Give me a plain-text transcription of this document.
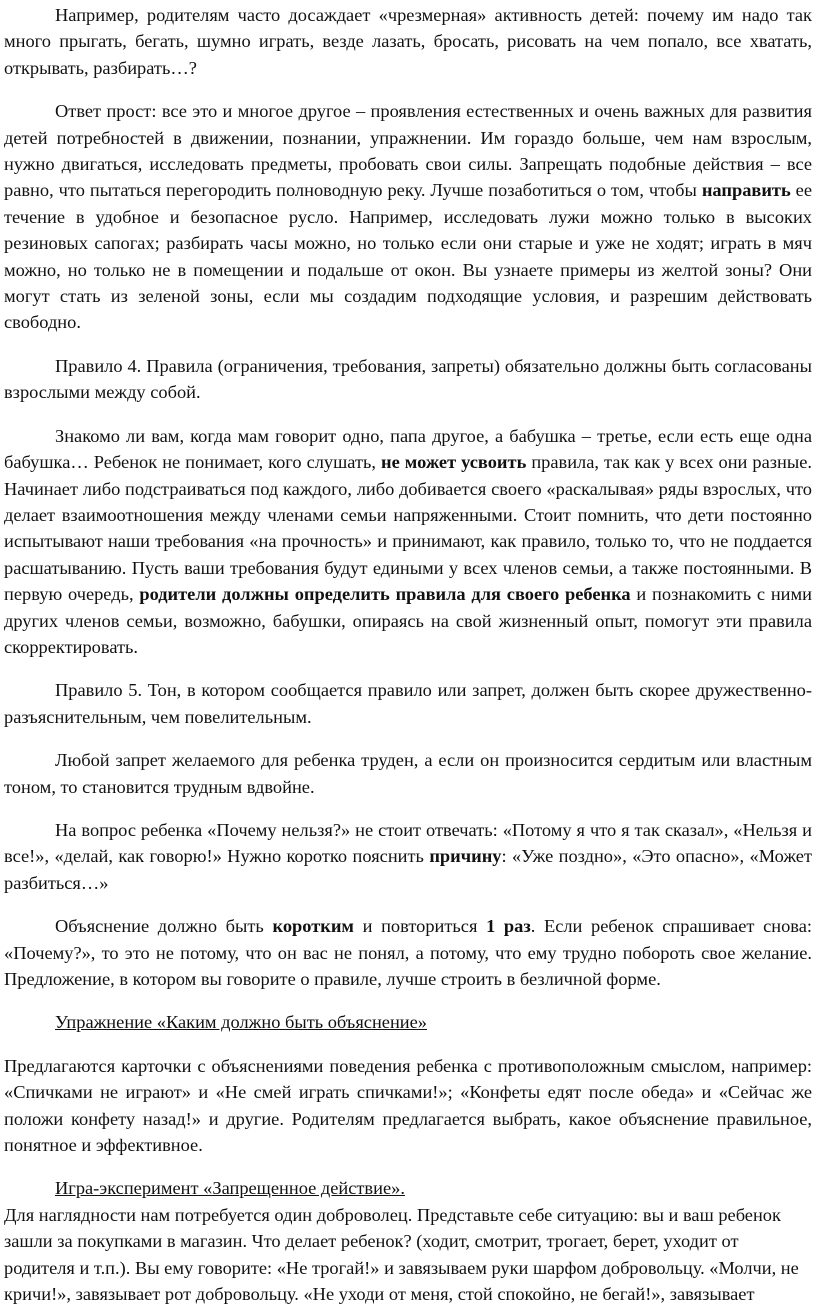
Например, родителям часто досаждает «чрезмерная» активность детей: почему им надо так много прыгать, бегать, шумно играть, везде лазать, бросать, рисовать на чем попало, все хватать, открывать, разбирать…?

Ответ прост: все это и многое другое – проявления естественных и очень важных для развития детей потребностей в движении, познании, упражнении. Им гораздо больше, чем нам взрослым, нужно двигаться, исследовать предметы, пробовать свои силы. Запрещать подобные действия – все равно, что пытаться перегородить полноводную реку. Лучше позаботиться о том, чтобы направить ее течение в удобное и безопасное русло. Например, исследовать лужи можно только в высоких резиновых сапогах; разбирать часы можно, но только если они старые и уже не ходят; играть в мяч можно, но только не в помещении и подальше от окон. Вы узнаете примеры из желтой зоны? Они могут стать из зеленой зоны, если мы создадим подходящие условия, и разрешим действовать свободно.

Правило 4. Правила (ограничения, требования, запреты) обязательно должны быть согласованы взрослыми между собой.

Знакомо ли вам, когда мам говорит одно, папа другое, а бабушка – третье, если есть еще одна бабушка… Ребенок не понимает, кого слушать, не может усвоить правила, так как у всех они разные. Начинает либо подстраиваться под каждого, либо добивается своего «раскалывая» ряды взрослых, что делает взаимоотношения между членами семьи напряженными. Стоит помнить, что дети постоянно испытывают наши требования «на прочность» и принимают, как правило, только то, что не поддается расшатыванию. Пусть ваши требования будут едиными у всех членов семьи, а также постоянными. В первую очередь, родители должны определить правила для своего ребенка и познакомить с ними других членов семьи, возможно, бабушки, опираясь на свой жизненный опыт, помогут эти правила скорректировать.

Правило 5. Тон, в котором сообщается правило или запрет, должен быть скорее дружественно-разъяснительным, чем повелительным.

Любой запрет желаемого для ребенка труден, а если он произносится сердитым или властным тоном, то становится трудным вдвойне.

На вопрос ребенка «Почему нельзя?» не стоит отвечать: «Потому я что я так сказал», «Нельзя и все!», «делай, как говорю!» Нужно коротко пояснить причину: «Уже поздно», «Это опасно», «Может разбиться…»

Объяснение должно быть коротким и повториться 1 раз. Если ребенок спрашивает снова: «Почему?», то это не потому, что он вас не понял, а потому, что ему трудно побороть свое желание. Предложение, в котором вы говорите о правиле, лучше строить в безличной форме.

Упражнение «Каким должно быть объяснение»

Предлагаются карточки с объяснениями поведения ребенка с противоположным смыслом, например: «Спичками не играют» и «Не смей играть спичками!»; «Конфеты едят после обеда» и «Сейчас же положи конфету назад!» и другие. Родителям предлагается выбрать, какое объяснение правильное, понятное и эффективное.

Игра-эксперимент «Запрещенное действие».

Для наглядности нам потребуется один доброволец. Представьте себе ситуацию: вы и ваш ребенок зашли за покупками в магазин. Что делает ребенок? (ходит, смотрит, трогает, берет, уходит от родителя и т.п.). Вы ему говорите: «Не трогай!» и завязываем руки шарфом добровольцу. «Молчи, не кричи!», завязывает рот добровольцу. «Не уходи от меня, стой спокойно, не бегай!», завязывает
